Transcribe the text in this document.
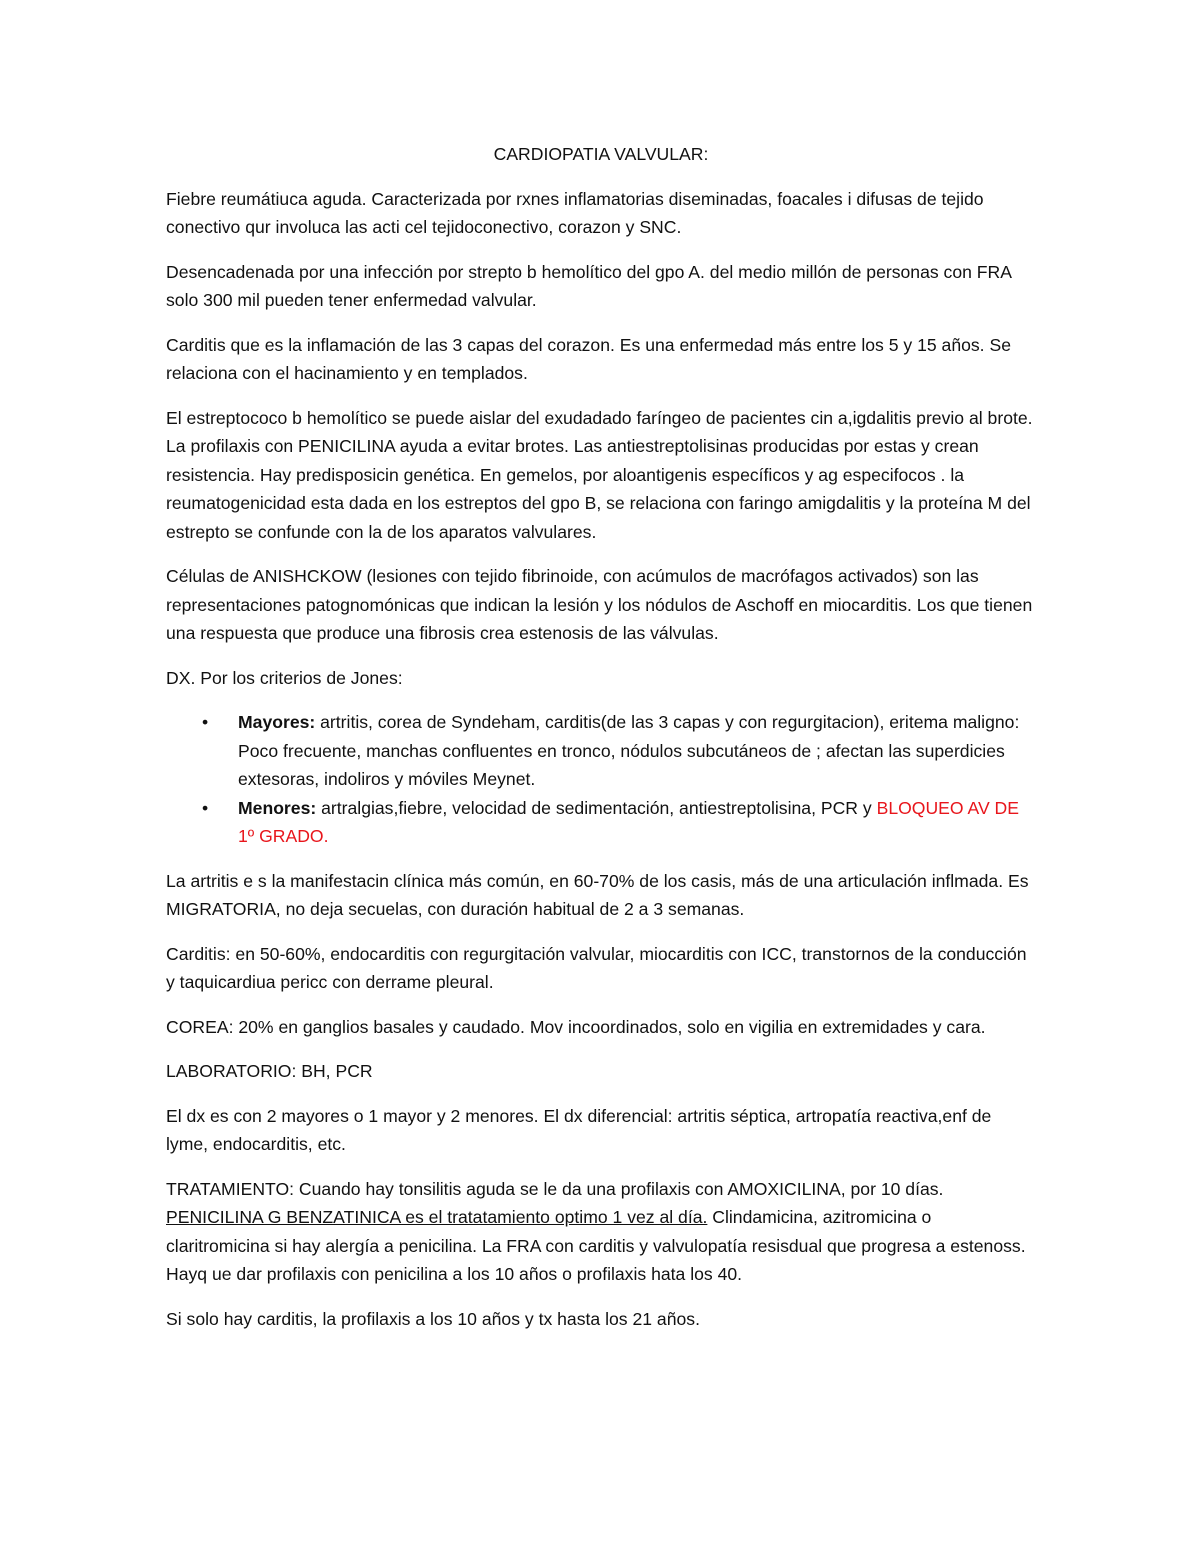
CARDIOPATIA VALVULAR:

Fiebre reumátiuca aguda. Caracterizada por rxnes inflamatorias diseminadas, foacales i difusas de tejido conectivo qur involuca las acti cel tejidoconectivo, corazon y SNC.

Desencadenada por una infección por strepto b hemolítico del gpo A. del medio millón de personas con FRA solo 300 mil pueden tener enfermedad valvular.

Carditis que es la inflamación de las 3 capas del corazon. Es una enfermedad más entre los 5 y 15 años. Se relaciona con el hacinamiento y en templados.

El estreptococo b hemolítico se puede aislar del exudadado faríngeo de pacientes cin a,igdalitis previo al brote. La profilaxis con PENICILINA ayuda a evitar brotes. Las antiestreptolisinas producidas por estas y crean resistencia. Hay predisposicin genética. En gemelos, por aloantigenis específicos y ag especifocos . la reumatogenicidad esta dada en los estreptos del gpo B, se relaciona con faringo amigdalitis y la proteína M del estrepto se confunde con la de los aparatos valvulares.

Células de ANISHCKOW (lesiones con tejido fibrinoide, con acúmulos de macrófagos activados) son las representaciones patognomónicas que indican la lesión y los nódulos de Aschoff en miocarditis. Los que tienen una respuesta que produce una fibrosis crea estenosis de las válvulas.

DX. Por los criterios de Jones:

•	Mayores: artritis, corea de Syndeham, carditis(de las 3 capas y con regurgitacion), eritema maligno: Poco frecuente, manchas confluentes en tronco, nódulos subcutáneos de ; afectan las superdicies extesoras, indoliros y móviles Meynet.
•	Menores: artralgias,fiebre, velocidad de sedimentación, antiestreptolisina, PCR y BLOQUEO AV DE 1º GRADO.

La artritis e s la manifestacin clínica más común, en 60-70% de los casis, más de una articulación inflmada. Es MIGRATORIA, no deja secuelas, con duración habitual de 2 a 3 semanas.

Carditis: en 50-60%, endocarditis con regurgitación valvular, miocarditis con ICC, transtornos de la conducción y taquicardiua pericc con derrame pleural.

COREA: 20% en ganglios basales y caudado. Mov incoordinados, solo en vigilia en extremidades y cara.

LABORATORIO: BH, PCR

El dx es con 2 mayores o 1 mayor y 2 menores. El dx diferencial: artritis séptica, artropatía reactiva,enf de lyme, endocarditis, etc.

TRATAMIENTO: Cuando hay tonsilitis aguda se le da una profilaxis con AMOXICILINA, por 10 días. PENICILINA G BENZATINICA es el tratatamiento optimo 1 vez al día. Clindamicina, azitromicina o claritromicina si hay alergía a penicilina. La FRA con carditis y valvulopatía resisdual que progresa a estenoss. Hayq ue dar profilaxis con penicilina a los 10 años o profilaxis hata los 40.

Si solo hay carditis, la profilaxis a los 10 años y tx hasta los 21 años.
